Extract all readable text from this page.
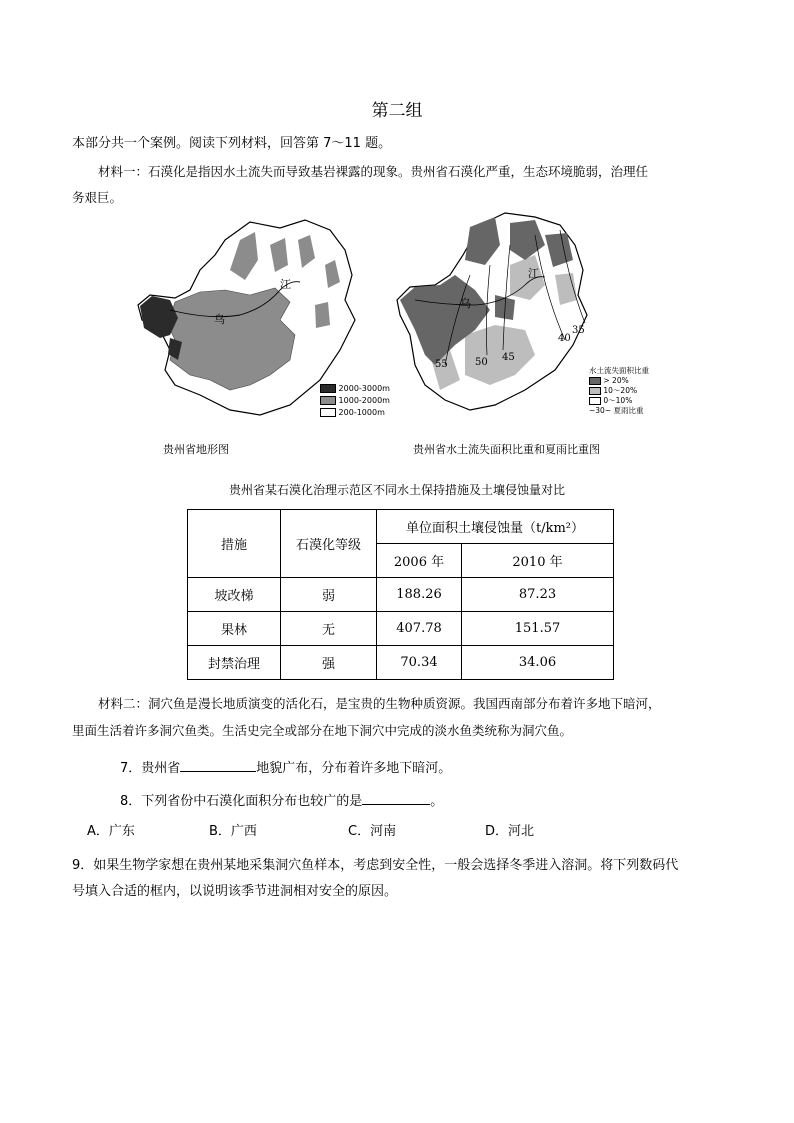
第二组
本部分共一个案例。阅读下列材料，回答第 7～11 题。
材料一：石漠化是指因水土流失而导致基岩裸露的现象。贵州省石漠化严重，生态环境脆弱，治理任
务艰巨。
乌
江
2000-3000m
1000-2000m
200-1000m
乌
江
35
40
45
50
55
水土流失面积比重
> 20%
10～20%
0～10%
~30~ 夏雨比重
贵州省地形图	贵州省水土流失面积比重和夏雨比重图
贵州省某石漠化治理示范区不同水土保持措施及土壤侵蚀量对比
措施	石漠化等级	单位面积土壤侵蚀量（t/km²）	
		2006 年	2010 年
坡改梯	弱	188.26	87.23
果林	无	407.78	151.57
封禁治理	强	70.34	34.06
材料二：洞穴鱼是漫长地质演变的活化石，是宝贵的生物种质资源。我国西南部分布着许多地下暗河，
里面生活着许多洞穴鱼类。生活史完全或部分在地下洞穴中完成的淡水鱼类统称为洞穴鱼。
7．贵州省	地貌广布，分布着许多地下暗河。
8．下列省份中石漠化面积分布也较广的是	。
A．广东	B．广西	C．河南	D．河北
9．如果生物学家想在贵州某地采集洞穴鱼样本，考虑到安全性，一般会选择冬季进入溶洞。将下列数码代
号填入合适的框内，以说明该季节进洞相对安全的原因。
